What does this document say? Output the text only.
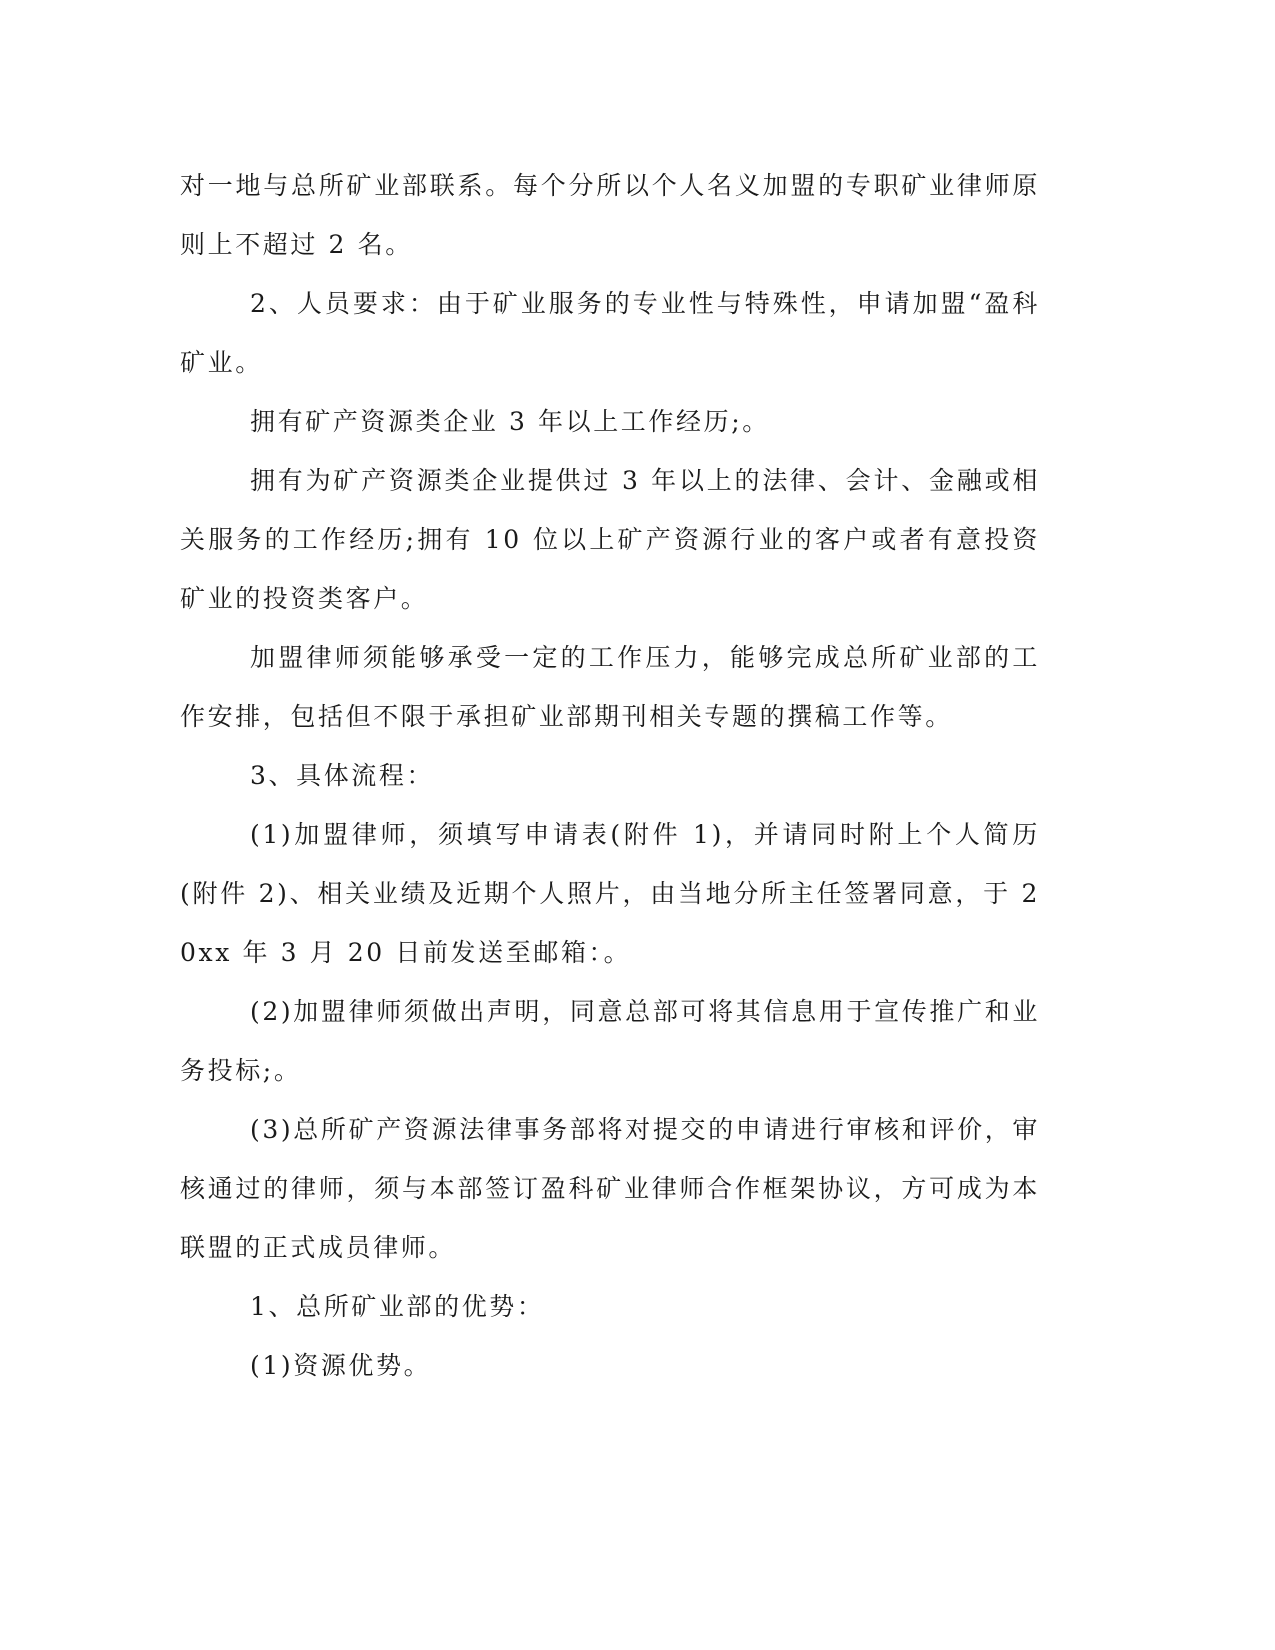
对一地与总所矿业部联系。每个分所以个人名义加盟的专职矿业律师原则上不超过 2 名。

2、人员要求：由于矿业服务的专业性与特殊性，申请加盟“盈科矿业。

拥有矿产资源类企业 3 年以上工作经历;。

拥有为矿产资源类企业提供过 3 年以上的法律、会计、金融或相关服务的工作经历;拥有 10 位以上矿产资源行业的客户或者有意投资矿业的投资类客户。

加盟律师须能够承受一定的工作压力，能够完成总所矿业部的工作安排，包括但不限于承担矿业部期刊相关专题的撰稿工作等。

3、具体流程：

(1)加盟律师，须填写申请表(附件 1)，并请同时附上个人简历(附件 2)、相关业绩及近期个人照片，由当地分所主任签署同意，于 20xx 年 3 月 20 日前发送至邮箱：。

(2)加盟律师须做出声明，同意总部可将其信息用于宣传推广和业务投标;。

(3)总所矿产资源法律事务部将对提交的申请进行审核和评价，审核通过的律师，须与本部签订盈科矿业律师合作框架协议，方可成为本联盟的正式成员律师。

1、总所矿业部的优势：

(1)资源优势。
